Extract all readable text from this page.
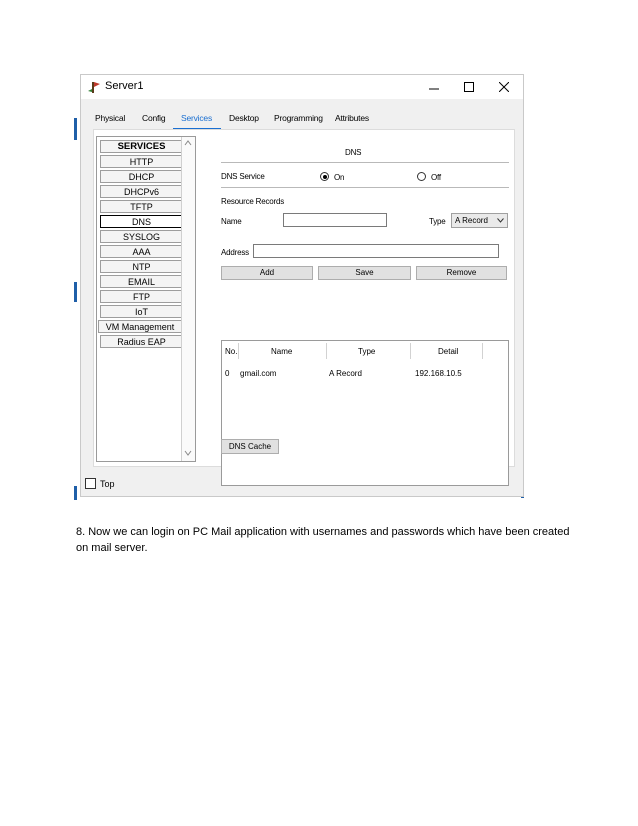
Server1
Physical Config Services Desktop Programming Attributes
SERVICES
HTTP
DHCP
DHCPv6
TFTP
DNS
SYSLOG
AAA
NTP
EMAIL
FTP
IoT
VM Management
Radius EAP
DNS
DNS Service	On	Off
Resource Records
Name	Type	A Record
Address
Add	Save	Remove
No.	Name	Type	Detail
0 gmail.com	A Record	192.168.10.5
DNS Cache
Top

8. Now we can login on PC Mail application with usernames and passwords which have been created on mail server.
